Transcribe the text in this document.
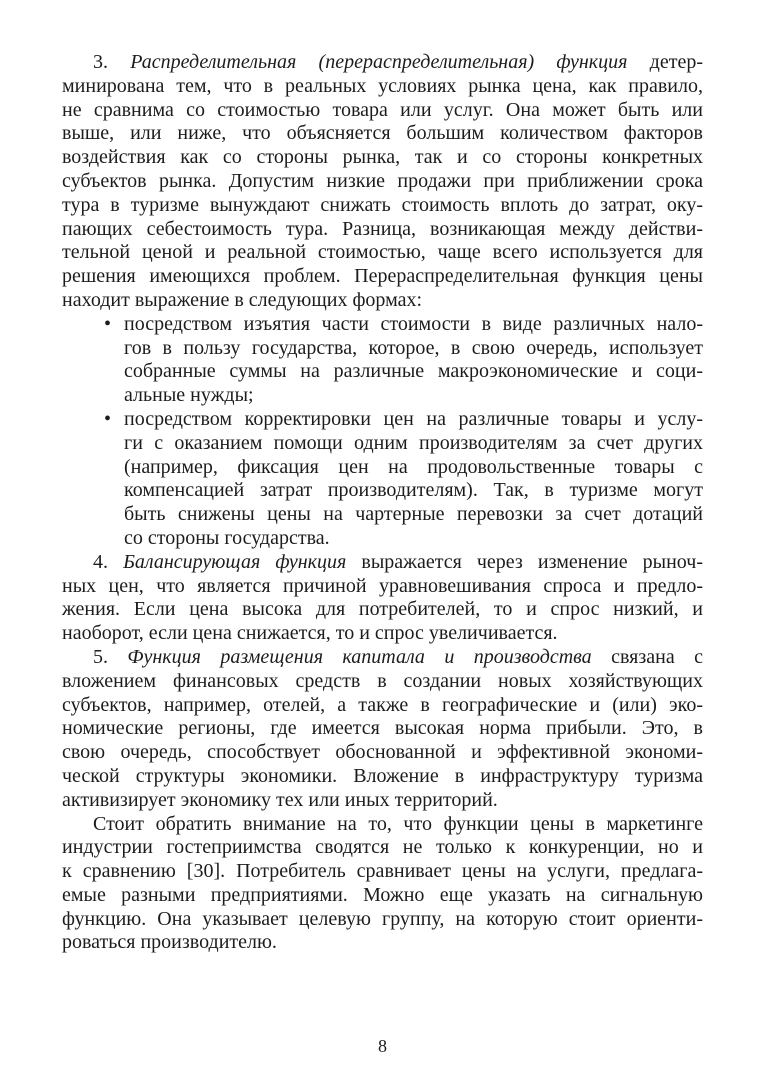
3. Распределительная (перераспределительная) функция детер-
минирована тем, что в реальных условиях рынка цена, как правило,
не сравнима со стоимостью товара или услуг. Она может быть или
выше, или ниже, что объясняется большим количеством факторов
воздействия как со стороны рынка, так и со стороны конкретных
субъектов рынка. Допустим низкие продажи при приближении срока
тура в туризме вынуждают снижать стоимость вплоть до затрат, оку-
пающих себестоимость тура. Разница, возникающая между действи-
тельной ценой и реальной стоимостью, чаще всего используется для
решения имеющихся проблем. Перераспределительная функция цены
находит выражение в следующих формах:
• посредством изъятия части стоимости в виде различных нало-
гов в пользу государства, которое, в свою очередь, использует
собранные суммы на различные макроэкономические и соци-
альные нужды;
• посредством корректировки цен на различные товары и услу-
ги с оказанием помощи одним производителям за счет других
(например, фиксация цен на продовольственные товары с
компенсацией затрат производителям). Так, в туризме могут
быть снижены цены на чартерные перевозки за счет дотаций
со стороны государства.
4. Балансирующая функция выражается через изменение рыноч-
ных цен, что является причиной уравновешивания спроса и предло-
жения. Если цена высока для потребителей, то и спрос низкий, и
наоборот, если цена снижается, то и спрос увеличивается.
5. Функция размещения капитала и производства связана с
вложением финансовых средств в создании новых хозяйствующих
субъектов, например, отелей, а также в географические и (или) эко-
номические регионы, где имеется высокая норма прибыли. Это, в
свою очередь, способствует обоснованной и эффективной экономи-
ческой структуры экономики. Вложение в инфраструктуру туризма
активизирует экономику тех или иных территорий.
Стоит обратить внимание на то, что функции цены в маркетинге
индустрии гостеприимства сводятся не только к конкуренции, но и
к сравнению [30]. Потребитель сравнивает цены на услуги, предлага-
емые разными предприятиями. Можно еще указать на сигнальную
функцию. Она указывает целевую группу, на которую стоит ориенти-
роваться производителю.
8
